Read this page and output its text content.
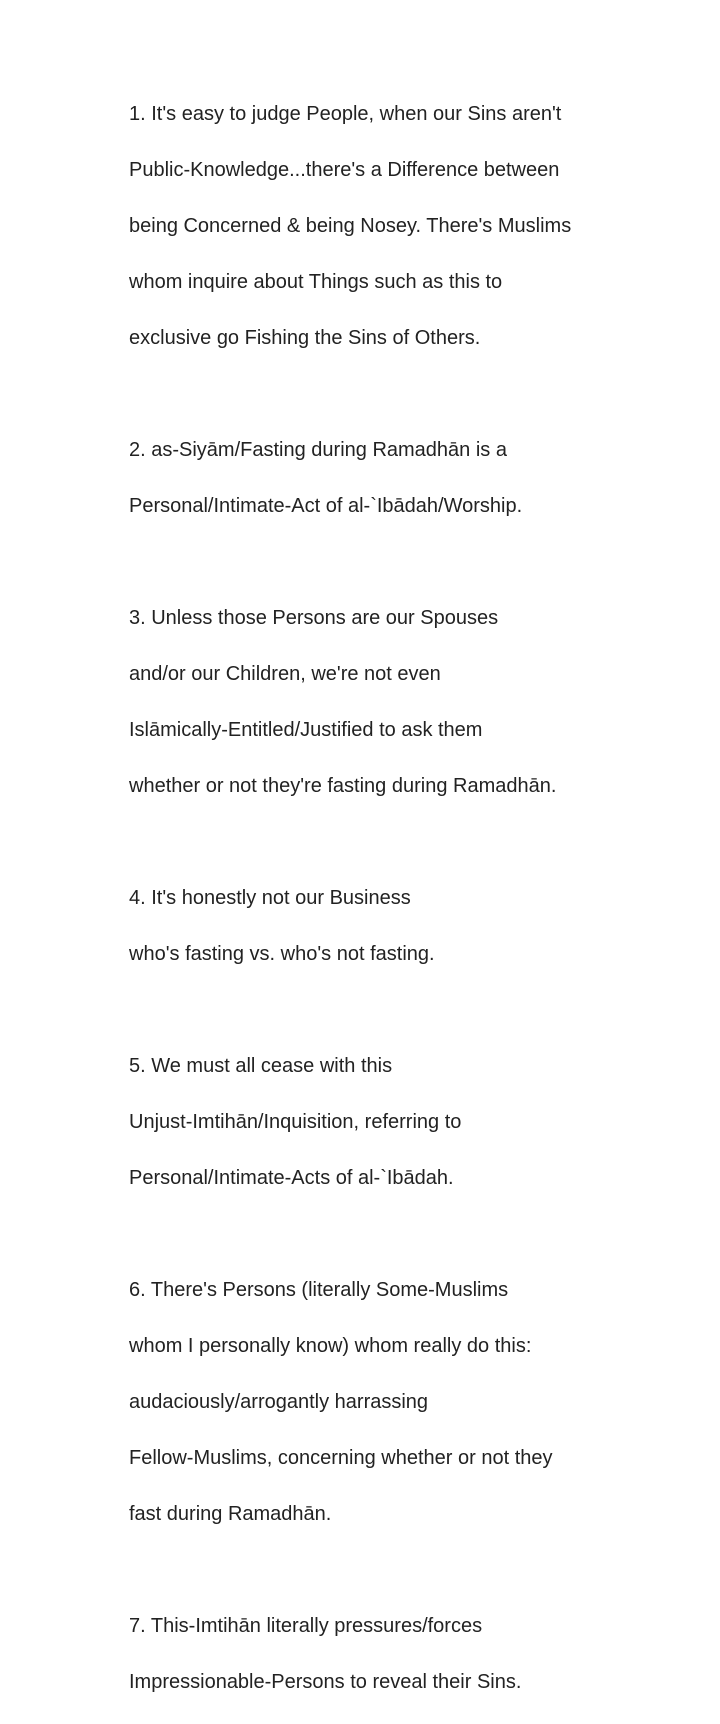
1. It's easy to judge People, when our Sins aren't

Public-Knowledge...there's a Difference between

being Concerned & being Nosey. There's Muslims

whom inquire about Things such as this to

exclusive go Fishing the Sins of Others.

2. as-Siyām/Fasting during Ramadhān is a

Personal/Intimate-Act of al-`Ibādah/Worship.

3. Unless those Persons are our Spouses

and/or our Children, we're not even

Islāmically-Entitled/Justified to ask them

whether or not they're fasting during Ramadhān.

4. It's honestly not our Business

who's fasting vs. who's not fasting.

5. We must all cease with this

Unjust-Imtihān/Inquisition, referring to

Personal/Intimate-Acts of al-`Ibādah.

6. There's Persons (literally Some-Muslims

whom I personally know) whom really do this:

audaciously/arrogantly harrassing

Fellow-Muslims, concerning whether or not they

fast during Ramadhān.

7. This-Imtihān literally pressures/forces

Impressionable-Persons to reveal their Sins.
